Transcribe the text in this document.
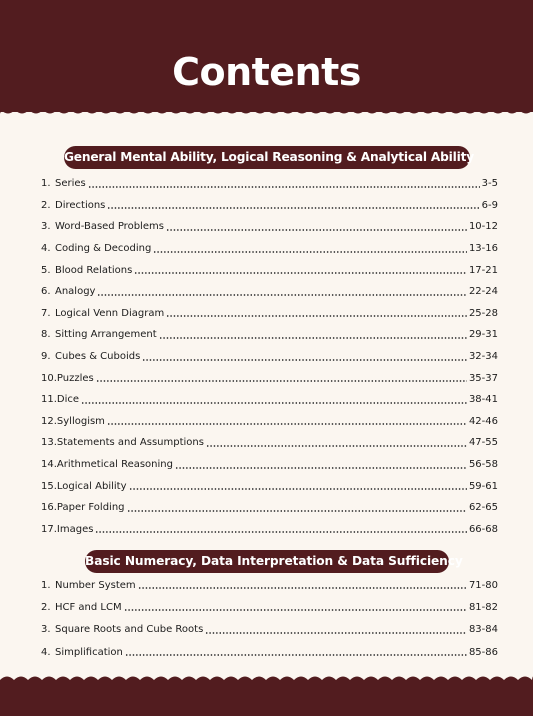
Contents
General Mental Ability, Logical Reasoning & Analytical Ability
1. Series	3-5
2. Directions	6-9
3. Word-Based Problems	10-12
4. Coding & Decoding	13-16
5. Blood Relations	17-21
6. Analogy	22-24
7. Logical Venn Diagram	25-28
8. Sitting Arrangement	29-31
9. Cubes & Cuboids	32-34
10. Puzzles	35-37
11. Dice	38-41
12. Syllogism	42-46
13. Statements and Assumptions	47-55
14. Arithmetical Reasoning	56-58
15. Logical Ability	59-61
16. Paper Folding	62-65
17. Images	66-68
Basic Numeracy, Data Interpretation & Data Sufficiency
1. Number System	71-80
2. HCF and LCM	81-82
3. Square Roots and Cube Roots	83-84
4. Simplification	85-86
